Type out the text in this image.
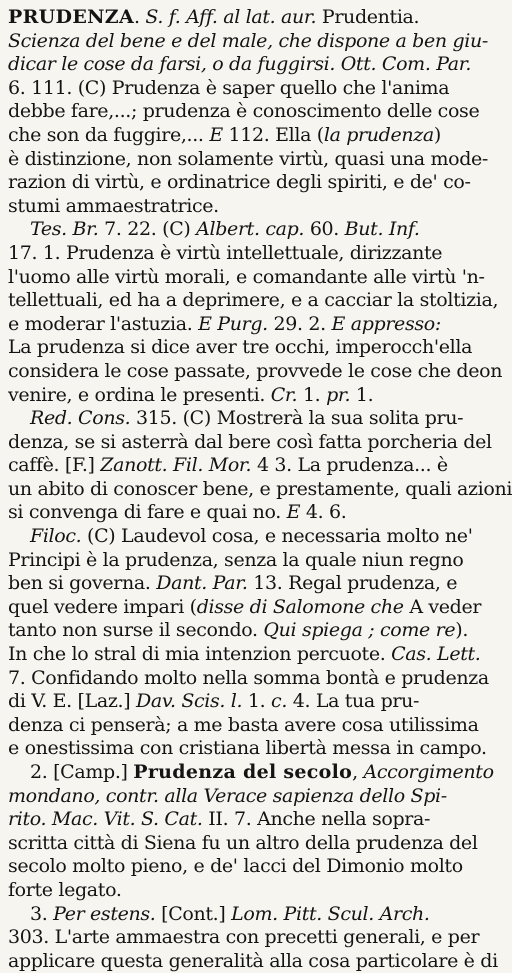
PRUDENZA. S. f. Aff. al lat. aur. Prudentia.
Scienza del bene e del male, che dispone a ben giu-
dicar le cose da farsi, o da fuggirsi. Ott. Com. Par.
6. 111. (C) Prudenza è saper quello che l'anima
debbe fare,...; prudenza è conoscimento delle cose
che son da fuggire,... E 112. Ella (la prudenza)
è distinzione, non solamente virtù, quasi una mode-
razion di virtù, e ordinatrice degli spiriti, e de' co-
stumi ammaestratrice.
Tes. Br. 7. 22. (C) Albert. cap. 60. But. Inf.
17. 1. Prudenza è virtù intellettuale, dirizzante
l'uomo alle virtù morali, e comandante alle virtù 'n-
tellettuali, ed ha a deprimere, e a cacciar la stoltizia,
e moderar l'astuzia. E Purg. 29. 2. E appresso:
La prudenza si dice aver tre occhi, imperocch'ella
considera le cose passate, provvede le cose che deon
venire, e ordina le presenti. Cr. 1. pr. 1.
Red. Cons. 315. (C) Mostrerà la sua solita pru-
denza, se si asterrà dal bere così fatta porcheria del
caffè. [F.] Zanott. Fil. Mor. 4 3. La prudenza... è
un abito di conoscer bene, e prestamente, quali azioni
si convenga di fare e quai no. E 4. 6.
Filoc. (C) Laudevol cosa, e necessaria molto ne'
Principi è la prudenza, senza la quale niun regno
ben si governa. Dant. Par. 13. Regal prudenza, e
quel vedere impari (disse di Salomone che A veder
tanto non surse il secondo. Qui spiega ; come re).
In che lo stral di mia intenzion percuote. Cas. Lett.
7. Confidando molto nella somma bontà e prudenza
di V. E. [Laz.] Dav. Scis. l. 1. c. 4. La tua pru-
denza ci penserà; a me basta avere cosa utilissima
e onestissima con cristiana libertà messa in campo.
2. [Camp.] Prudenza del secolo, Accorgimento
mondano, contr. alla Verace sapienza dello Spi-
rito. Mac. Vit. S. Cat. II. 7. Anche nella sopra-
scritta città di Siena fu un altro della prudenza del
secolo molto pieno, e de' lacci del Dimonio molto
forte legato.
3. Per estens. [Cont.] Lom. Pitt. Scul. Arch.
303. L'arte ammaestra con precetti generali, e per
applicare questa generalità alla cosa particolare è di
